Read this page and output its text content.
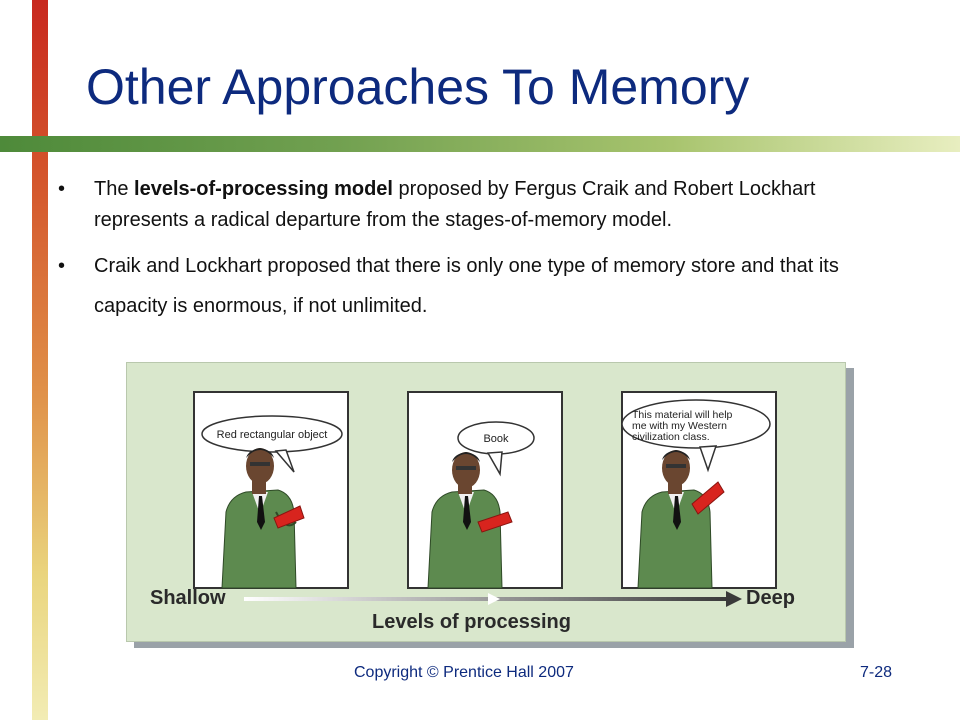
Other Approaches To Memory
• The levels-of-processing model proposed by Fergus Craik and Robert Lockhart represents a radical departure from the stages-of-memory model.
• Craik and Lockhart proposed that there is only one type of memory store and that its capacity is enormous, if not unlimited.
Red rectangular object	Book
This material will help me with my Western civilization class.
Shallow	Deep
Levels of processing
Copyright © Prentice Hall 2007	7-28
